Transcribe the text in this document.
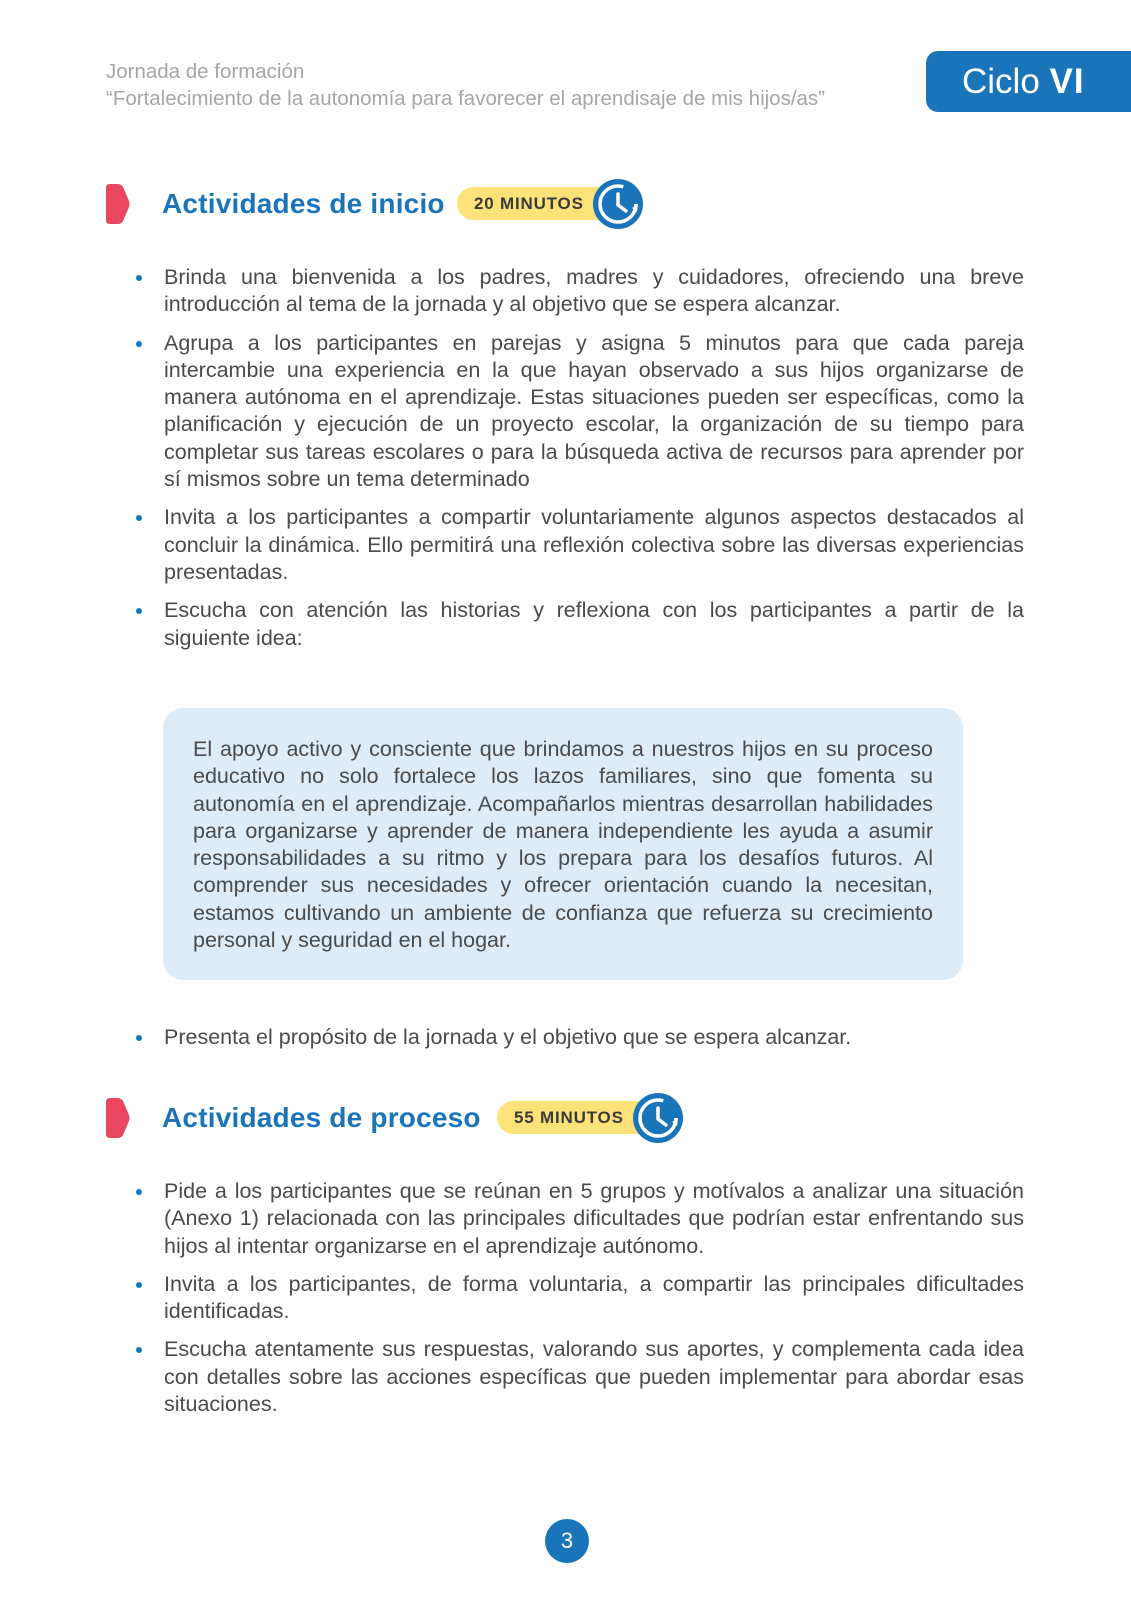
Jornada de formación
“Fortalecimiento de la autonomía para favorecer el aprendisaje de mis hijos/as”	Ciclo VI
Actividades de inicio	20 MINUTOS
Brinda una bienvenida a los padres, madres y cuidadores, ofreciendo una breve introducción al tema de la jornada y al objetivo que se espera alcanzar.
Agrupa a los participantes en parejas y asigna 5 minutos para que cada pareja intercambie una experiencia en la que hayan observado a sus hijos organizarse de manera autónoma en el aprendizaje. Estas situaciones pueden ser específicas, como la planificación y ejecución de un proyecto escolar, la organización de su tiempo para completar sus tareas escolares o para la búsqueda activa de recursos para aprender por sí mismos sobre un tema determinado
Invita a los participantes a compartir voluntariamente algunos aspectos destacados al concluir la dinámica. Ello permitirá una reflexión colectiva sobre las diversas experiencias presentadas.
Escucha con atención las historias y reflexiona con los participantes a partir de la siguiente idea:

El apoyo activo y consciente que brindamos a nuestros hijos en su proceso educativo no solo fortalece los lazos familiares, sino que fomenta su autonomía en el aprendizaje. Acompañarlos mientras desarrollan habilidades para organizarse y aprender de manera independiente les ayuda a asumir responsabilidades a su ritmo y los prepara para los desafíos futuros. Al comprender sus necesidades y ofrecer orientación cuando la necesitan, estamos cultivando un ambiente de confianza que refuerza su crecimiento personal y seguridad en el hogar.

Presenta el propósito de la jornada y el objetivo que se espera alcanzar.
Actividades de proceso	55 MINUTOS
Pide a los participantes que se reúnan en 5 grupos y motívalos a analizar una situación (Anexo 1) relacionada con las principales dificultades que podrían estar enfrentando sus hijos al intentar organizarse en el aprendizaje autónomo.
Invita a los participantes, de forma voluntaria, a compartir las principales dificultades identificadas.
Escucha atentamente sus respuestas, valorando sus aportes, y complementa cada idea con detalles sobre las acciones específicas que pueden implementar para abordar esas situaciones.
3
